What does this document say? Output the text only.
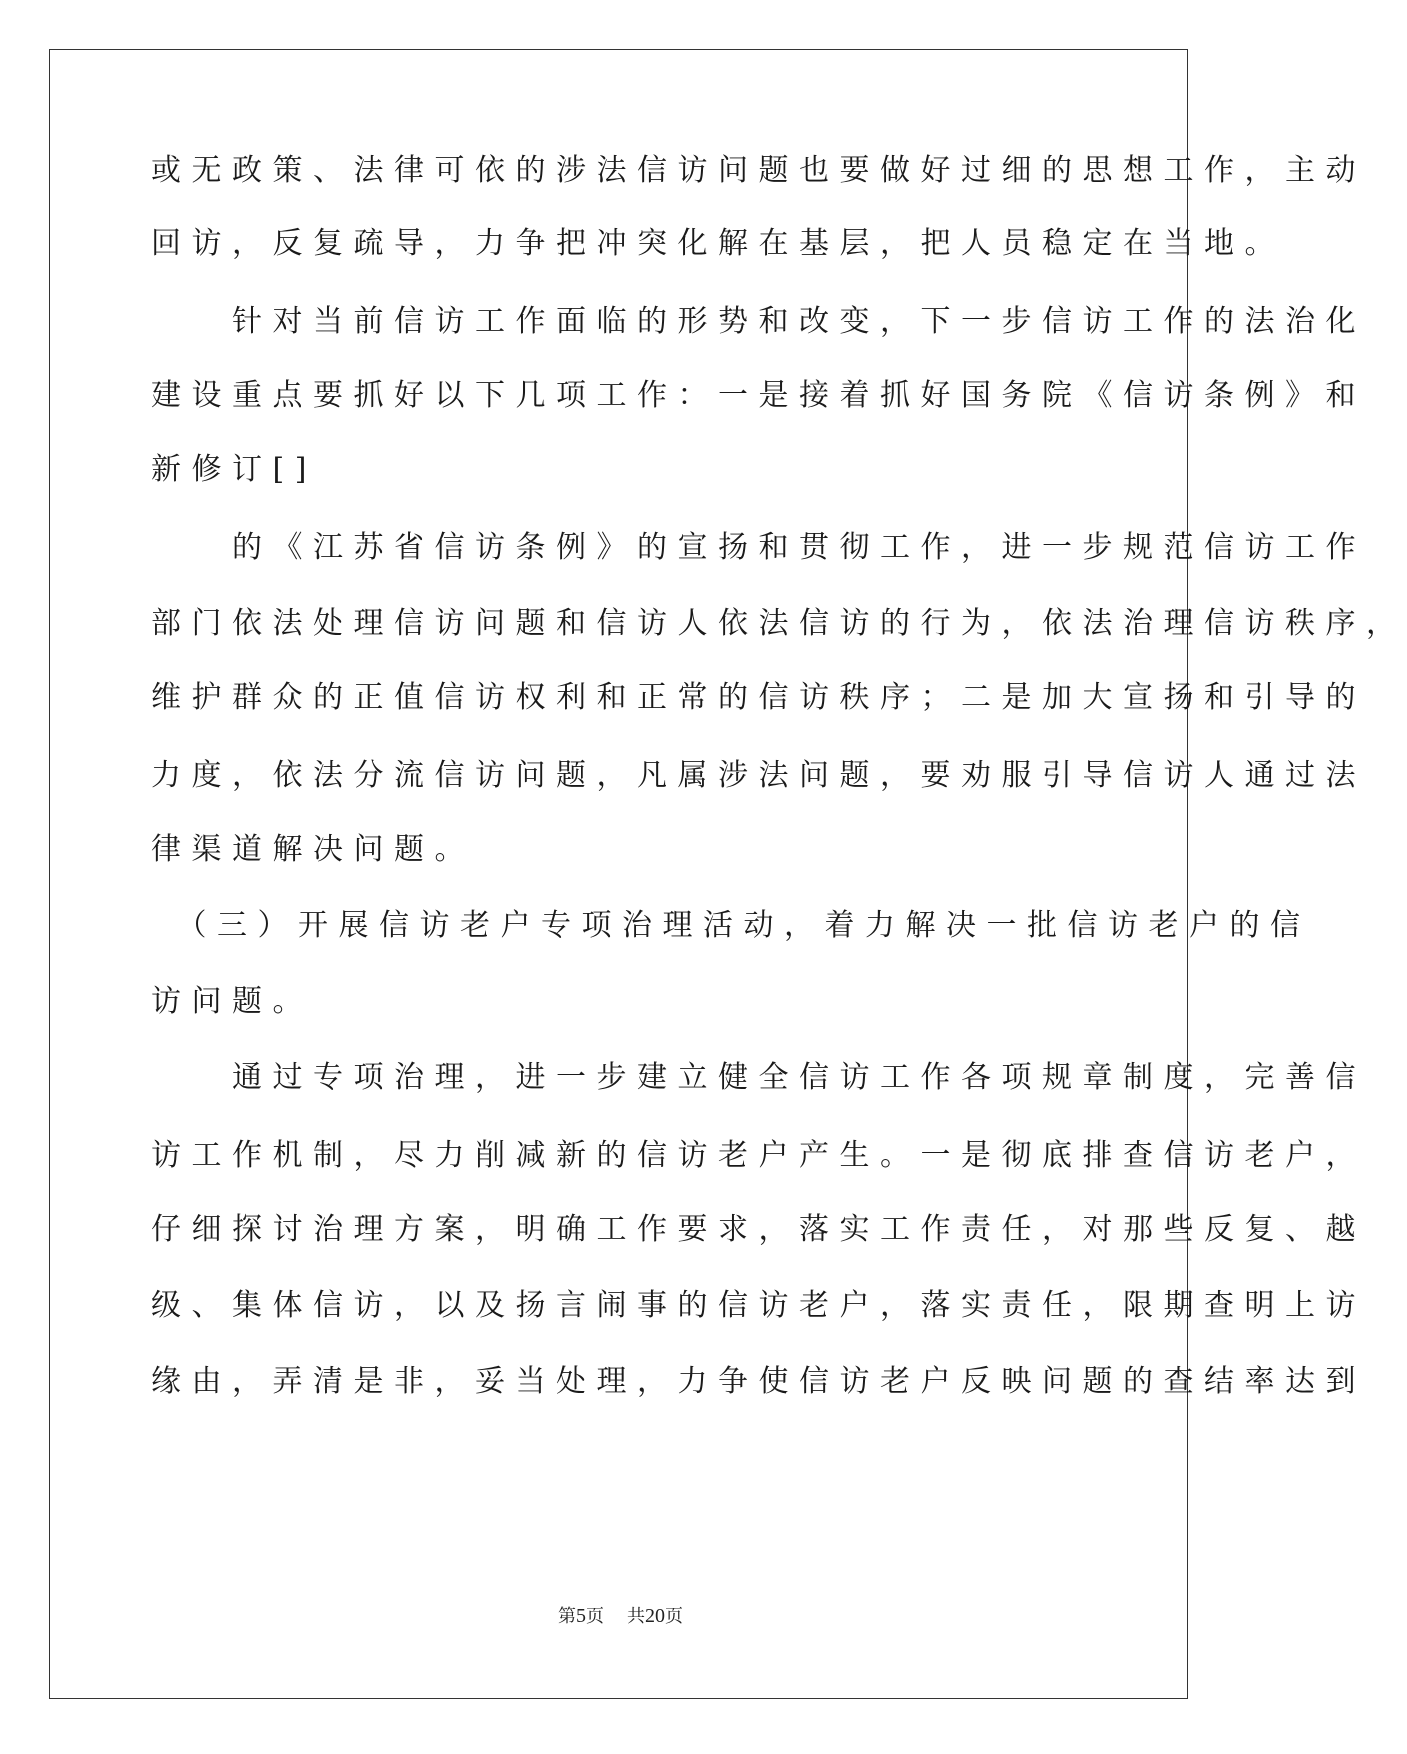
或无政策、法律可依的涉法信访问题也要做好过细的思想工作，主动
回访，反复疏导，力争把冲突化解在基层，把人员稳定在当地。
　　针对当前信访工作面临的形势和改变，下一步信访工作的法治化
建设重点要抓好以下几项工作：一是接着抓好国务院《信访条例》和
新修订[]
　　的《江苏省信访条例》的宣扬和贯彻工作，进一步规范信访工作
部门依法处理信访问题和信访人依法信访的行为，依法治理信访秩序，
维护群众的正值信访权利和正常的信访秩序；二是加大宣扬和引导的
力度，依法分流信访问题，凡属涉法问题，要劝服引导信访人通过法
律渠道解决问题。
　（三）开展信访老户专项治理活动，着力解决一批信访老户的信
访问题。
　　通过专项治理，进一步建立健全信访工作各项规章制度，完善信
访工作机制，尽力削减新的信访老户产生。一是彻底排查信访老户，
仔细探讨治理方案，明确工作要求，落实工作责任，对那些反复、越
级、集体信访，以及扬言闹事的信访老户，落实责任，限期查明上访
缘由，弄清是非，妥当处理，力争使信访老户反映问题的查结率达到
第5页 共20页
